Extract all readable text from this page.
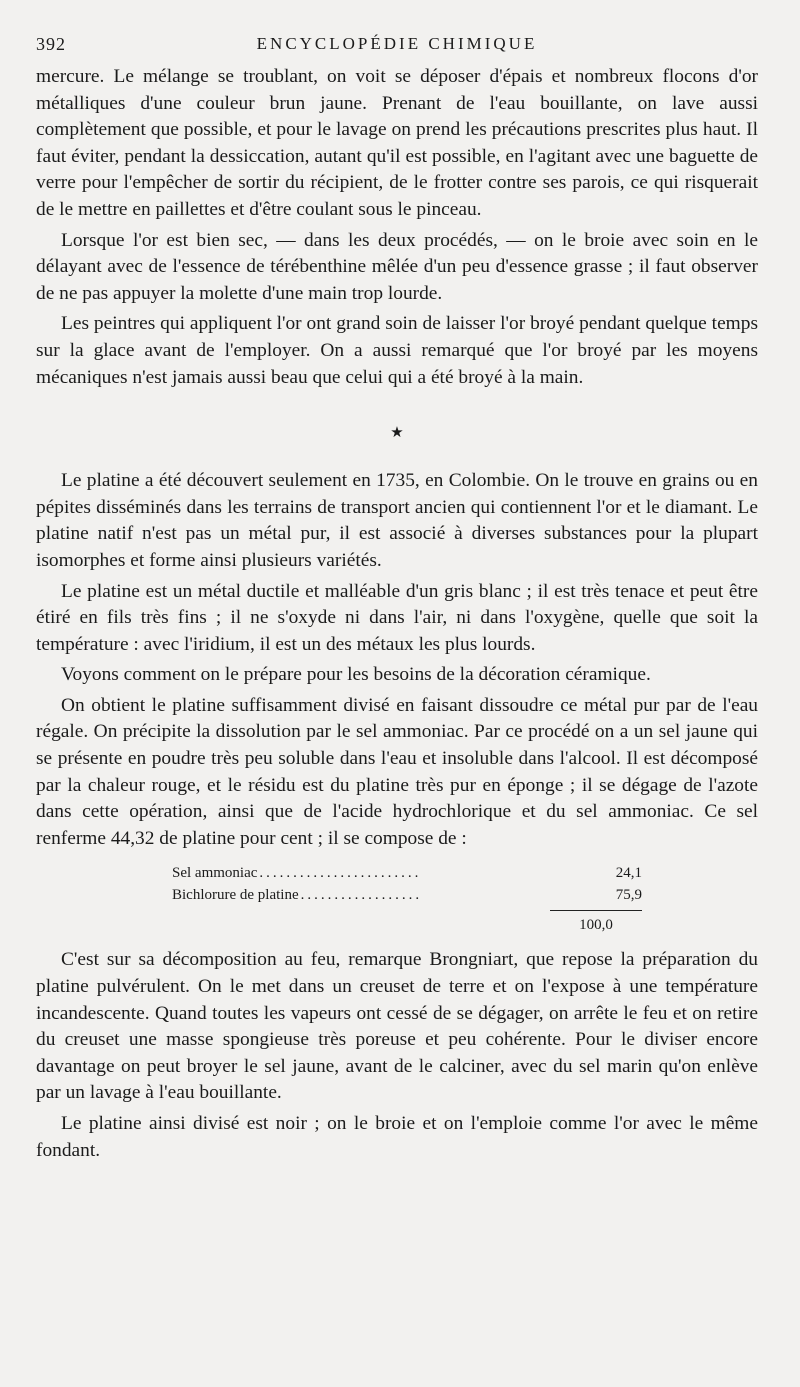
392	ENCYCLOPÉDIE CHIMIQUE

mercure. Le mélange se troublant, on voit se déposer d'épais et nombreux flocons d'or métalliques d'une couleur brun jaune. Prenant de l'eau bouillante, on lave aussi complètement que possible, et pour le lavage on prend les précautions prescrites plus haut. Il faut éviter, pendant la dessiccation, autant qu'il est possible, en l'agitant avec une baguette de verre pour l'empêcher de sortir du récipient, de le frotter contre ses parois, ce qui risquerait de le mettre en paillettes et d'être coulant sous le pinceau.

Lorsque l'or est bien sec, — dans les deux procédés, — on le broie avec soin en le délayant avec de l'essence de térébenthine mêlée d'un peu d'essence grasse ; il faut observer de ne pas appuyer la molette d'une main trop lourde.

Les peintres qui appliquent l'or ont grand soin de laisser l'or broyé pendant quelque temps sur la glace avant de l'employer. On a aussi remarqué que l'or broyé par les moyens mécaniques n'est jamais aussi beau que celui qui a été broyé à la main.

★

Le platine a été découvert seulement en 1735, en Colombie. On le trouve en grains ou en pépites disséminés dans les terrains de transport ancien qui contiennent l'or et le diamant. Le platine natif n'est pas un métal pur, il est associé à diverses substances pour la plupart isomorphes et forme ainsi plusieurs variétés.

Le platine est un métal ductile et malléable d'un gris blanc ; il est très tenace et peut être étiré en fils très fins ; il ne s'oxyde ni dans l'air, ni dans l'oxygène, quelle que soit la température : avec l'iridium, il est un des métaux les plus lourds.

Voyons comment on le prépare pour les besoins de la décoration céramique.

On obtient le platine suffisamment divisé en faisant dissoudre ce métal pur par de l'eau régale. On précipite la dissolution par le sel ammoniac. Par ce procédé on a un sel jaune qui se présente en poudre très peu soluble dans l'eau et insoluble dans l'alcool. Il est décomposé par la chaleur rouge, et le résidu est du platine très pur en éponge ; il se dégage de l'azote dans cette opération, ainsi que de l'acide hydrochlorique et du sel ammoniac. Ce sel renferme 44,32 de platine pour cent ; il se compose de :

Sel ammoniac ........................	24,1
Bichlorure de platine ..................	75,9
100,0

C'est sur sa décomposition au feu, remarque Brongniart, que repose la préparation du platine pulvérulent. On le met dans un creuset de terre et on l'expose à une température incandescente. Quand toutes les vapeurs ont cessé de se dégager, on arrête le feu et on retire du creuset une masse spongieuse très poreuse et peu cohérente. Pour le diviser encore davantage on peut broyer le sel jaune, avant de le calciner, avec du sel marin qu'on enlève par un lavage à l'eau bouillante.

Le platine ainsi divisé est noir ; on le broie et on l'emploie comme l'or avec le même fondant.
